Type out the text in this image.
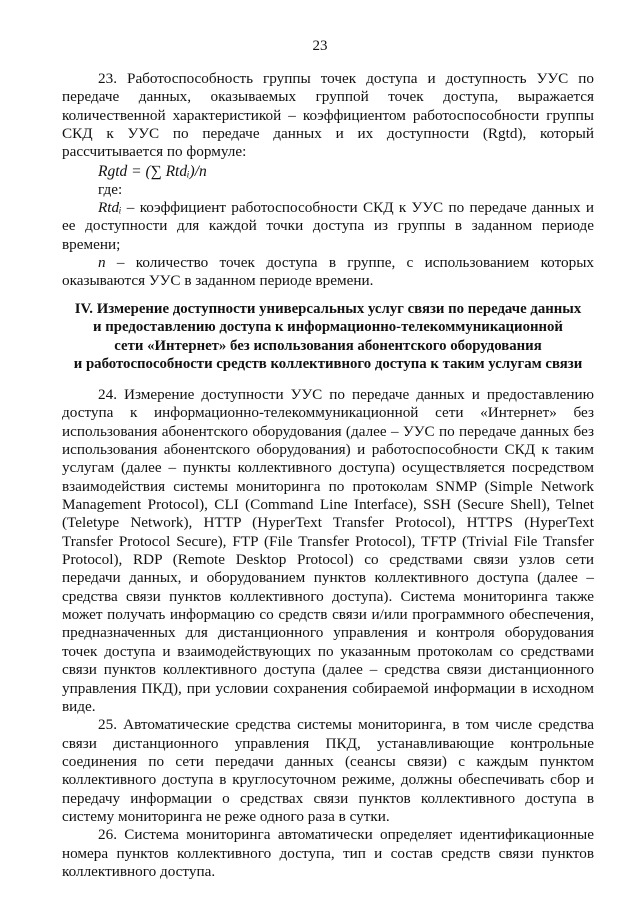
23

23. Работоспособность группы точек доступа и доступность УУС по передаче данных, оказываемых группой точек доступа, выражается количественной характеристикой – коэффициентом работоспособности группы СКД к УУС по передаче данных и их доступности (Rgtd), который рассчитывается по формуле:

Rgtd = (∑ Rtdᵢ)/n

где:

Rtdᵢ – коэффициент работоспособности СКД к УУС по передаче данных и ее доступности для каждой точки доступа из группы в заданном периоде времени;

n – количество точек доступа в группе, с использованием которых оказываются УУС в заданном периоде времени.

IV. Измерение доступности универсальных услуг связи по передаче данных
и предоставлению доступа к информационно-телекоммуникационной
сети «Интернет» без использования абонентского оборудования
и работоспособности средств коллективного доступа к таким услугам связи

24. Измерение доступности УУС по передаче данных и предоставлению доступа к информационно-телекоммуникационной сети «Интернет» без использования абонентского оборудования (далее – УУС по передаче данных без использования абонентского оборудования) и работоспособности СКД к таким услугам (далее – пункты коллективного доступа) осуществляется посредством взаимодействия системы мониторинга по протоколам SNMP (Simple Network Management Protocol), CLI (Command Line Interface), SSH (Secure Shell), Telnet (Teletype Network), HTTP (HyperText Transfer Protocol), HTTPS (HyperText Transfer Protocol Secure), FTP (File Transfer Protocol), TFTP (Trivial File Transfer Protocol), RDP (Remote Desktop Protocol) со средствами связи узлов сети передачи данных, и оборудованием пунктов коллективного доступа (далее – средства связи пунктов коллективного доступа). Система мониторинга также может получать информацию со средств связи и/или программного обеспечения, предназначенных для дистанционного управления и контроля оборудования точек доступа и взаимодействующих по указанным протоколам со средствами связи пунктов коллективного доступа (далее – средства связи дистанционного управления ПКД), при условии сохранения собираемой информации в исходном виде.

25. Автоматические средства системы мониторинга, в том числе средства связи дистанционного управления ПКД, устанавливающие контрольные соединения по сети передачи данных (сеансы связи) с каждым пунктом коллективного доступа в круглосуточном режиме, должны обеспечивать сбор и передачу информации о средствах связи пунктов коллективного доступа в систему мониторинга не реже одного раза в сутки.

26. Система мониторинга автоматически определяет идентификационные номера пунктов коллективного доступа, тип и состав средств связи пунктов коллективного доступа.
